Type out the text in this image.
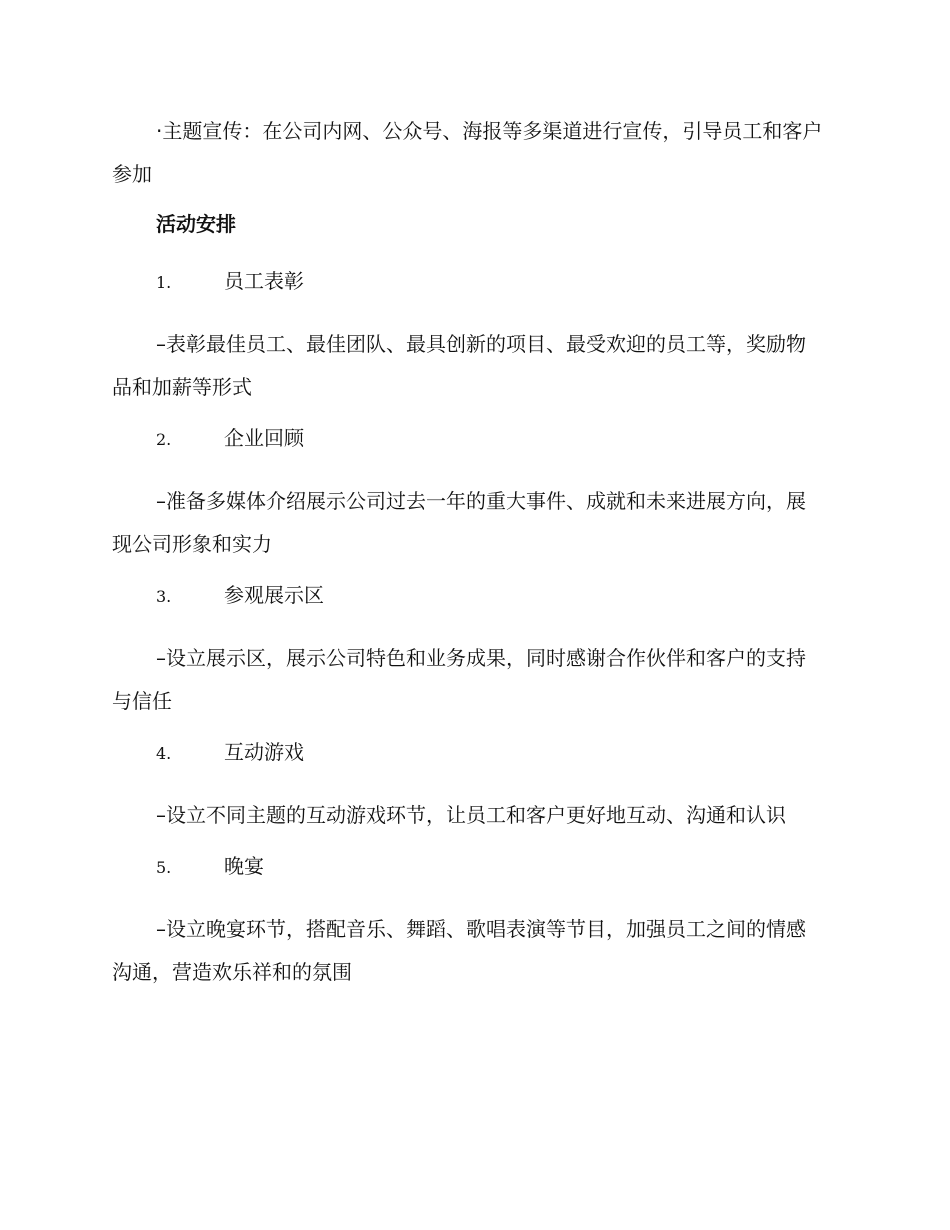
·主题宣传：在公司内网、公众号、海报等多渠道进行宣传，引导员工和客户参加

活动安排
1.	员工表彰

–表彰最佳员工、最佳团队、最具创新的项目、最受欢迎的员工等，奖励物品和加薪等形式

2.	企业回顾

–准备多媒体介绍展示公司过去一年的重大事件、成就和未来进展方向，展现公司形象和实力

3.	参观展示区

–设立展示区，展示公司特色和业务成果，同时感谢合作伙伴和客户的支持与信任

4.	互动游戏

–设立不同主题的互动游戏环节，让员工和客户更好地互动、沟通和认识

5.	晚宴

–设立晚宴环节，搭配音乐、舞蹈、歌唱表演等节目，加强员工之间的情感沟通，营造欢乐祥和的氛围
